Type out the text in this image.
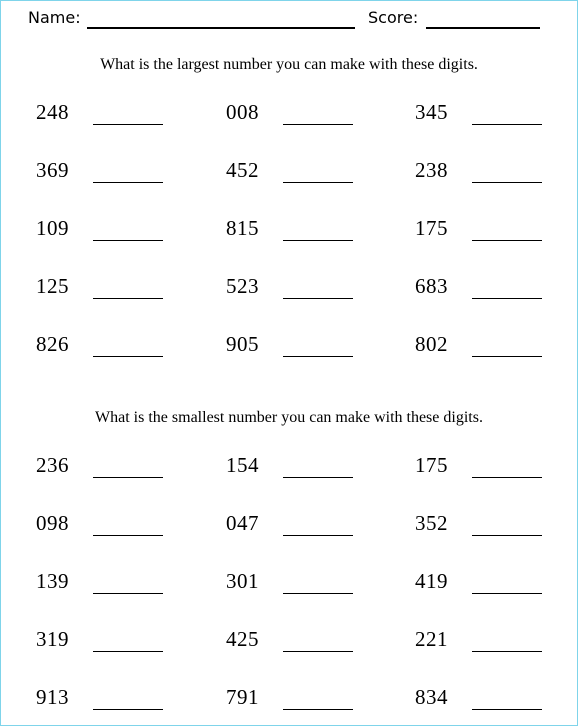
Name:	Score:
What is the largest number you can make with these digits.
248	008	345
369	452	238
109	815	175
125	523	683
826	905	802
What is the smallest number you can make with these digits.
236	154	175
098	047	352
139	301	419
319	425	221
913	791	834
